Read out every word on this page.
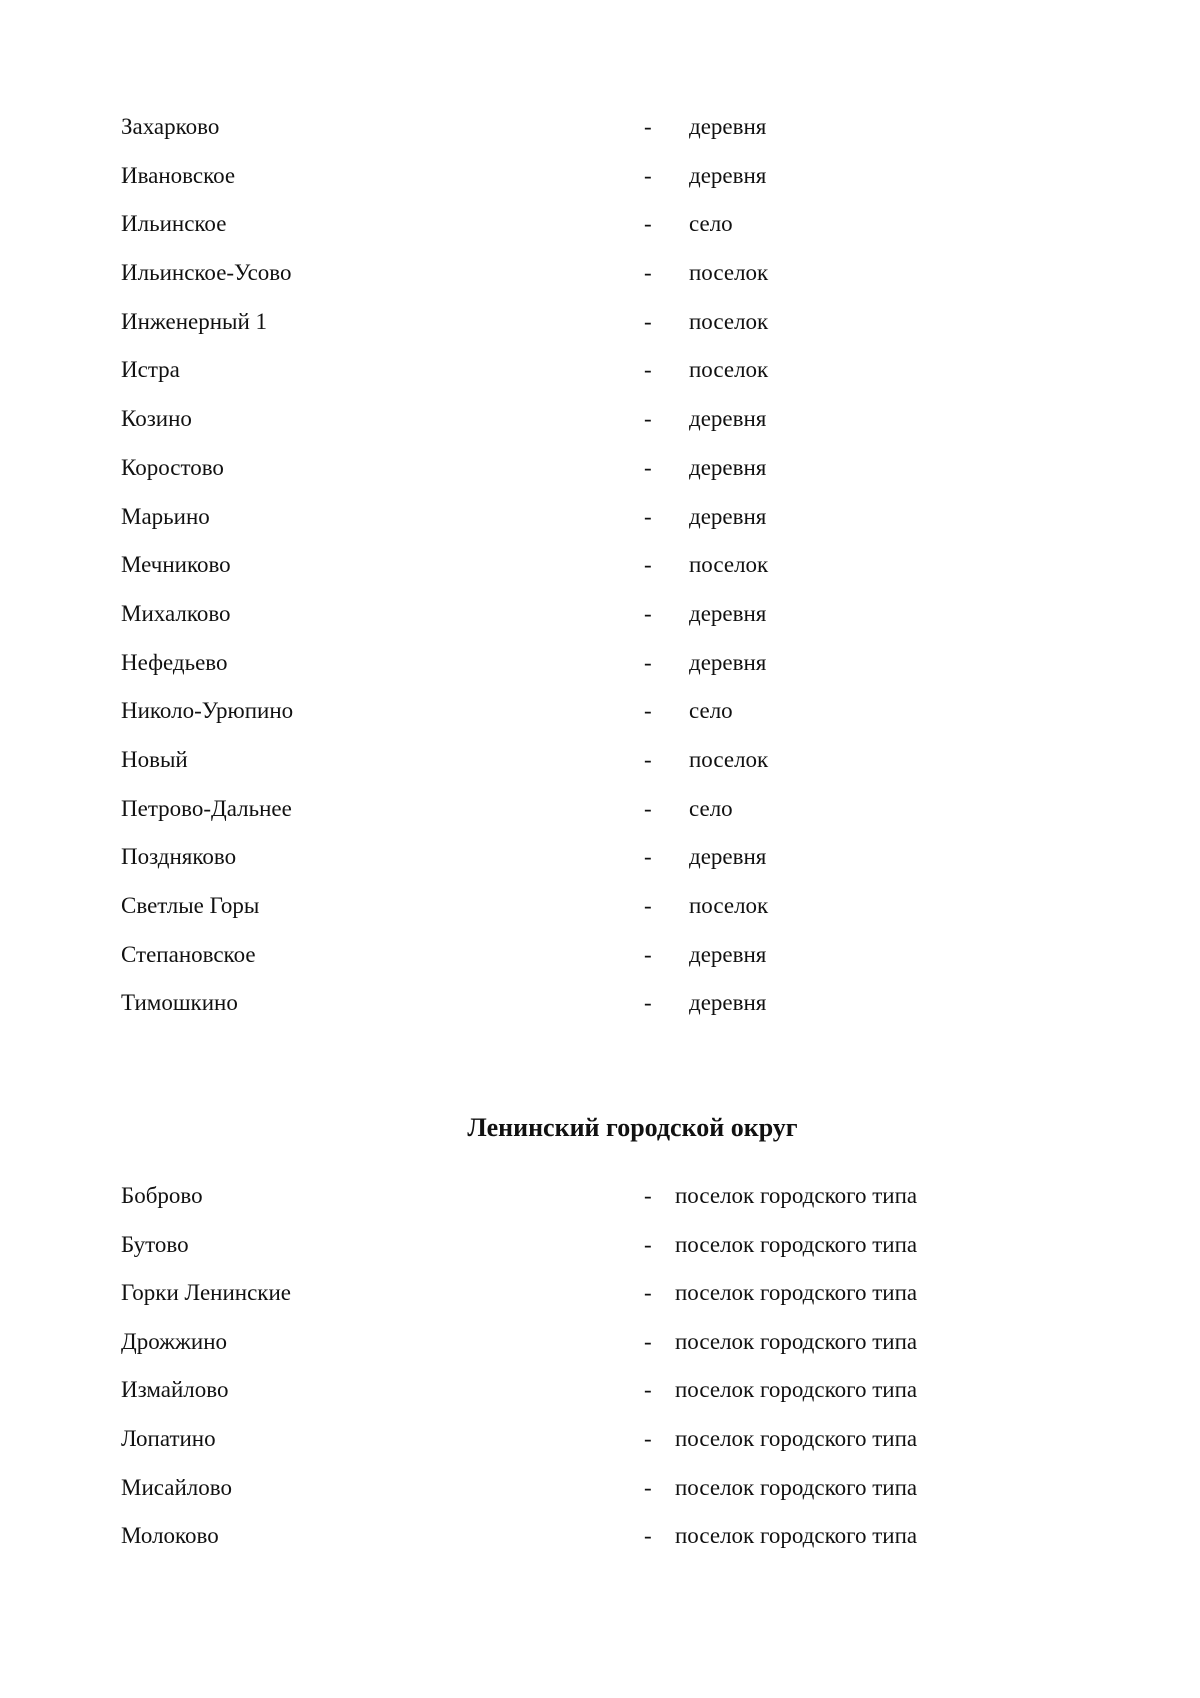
Захарково	- деревня
Ивановское	- деревня
Ильинское	- село
Ильинское-Усово	- поселок
Инженерный 1	- поселок
Истра	- поселок
Козино	- деревня
Коростово	- деревня
Марьино	- деревня
Мечниково	- поселок
Михалково	- деревня
Нефедьево	- деревня
Николо-Урюпино	- село
Новый	- поселок
Петрово-Дальнее	- село
Поздняково	- деревня
Светлые Горы	- поселок
Степановское	- деревня
Тимошкино	- деревня
Ленинский городской округ
Боброво	- поселок городского типа
Бутово	- поселок городского типа
Горки Ленинские	- поселок городского типа
Дрожжино	- поселок городского типа
Измайлово	- поселок городского типа
Лопатино	- поселок городского типа
Мисайлово	- поселок городского типа
Молоково	- поселок городского типа
